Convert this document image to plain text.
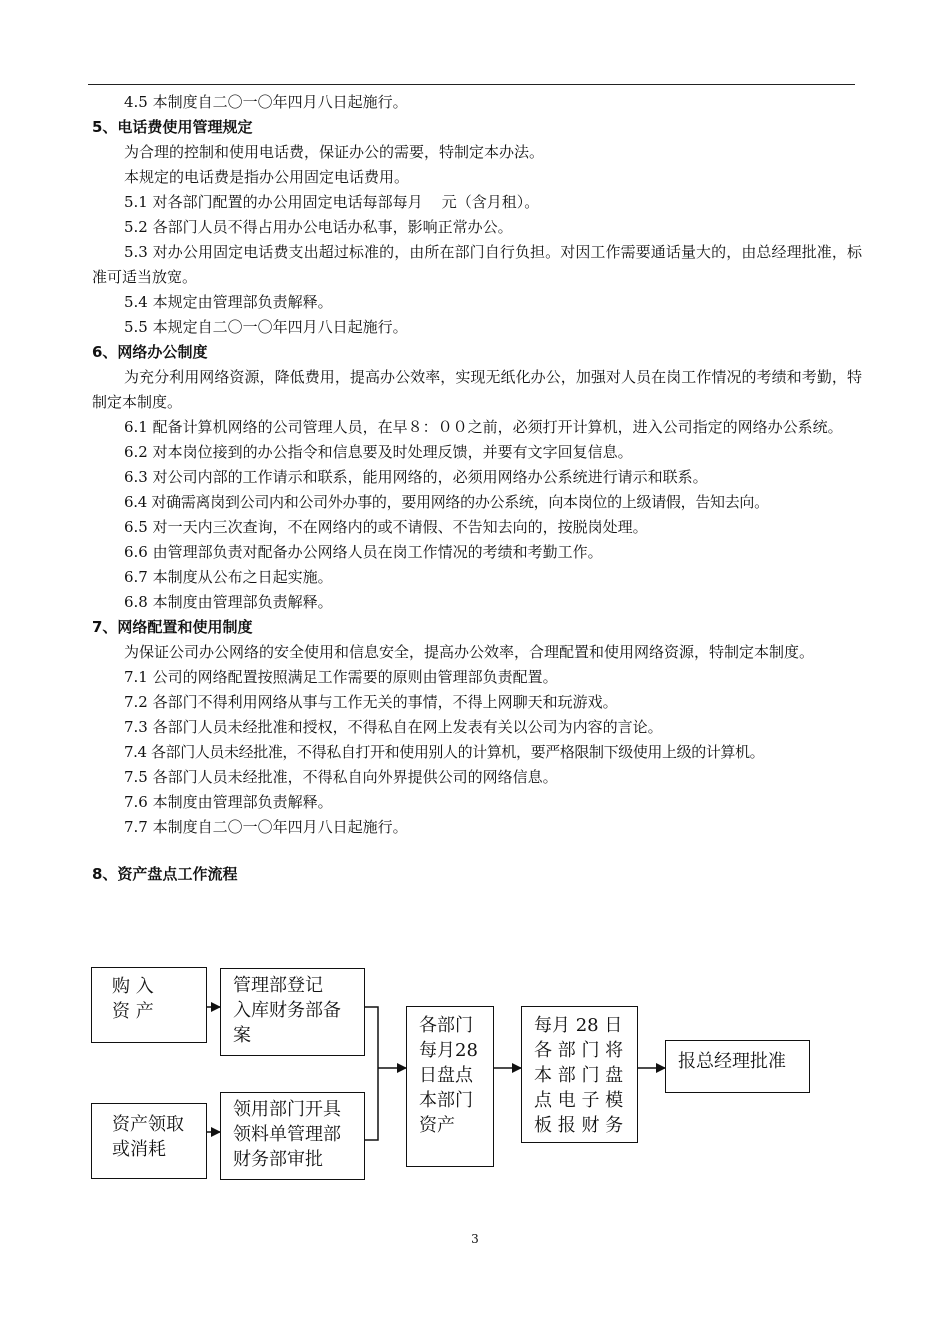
4.5 本制度自二〇一〇年四月八日起施行。
5、电话费使用管理规定
为合理的控制和使用电话费，保证办公的需要，特制定本办法。
本规定的电话费是指办公用固定电话费用。
5.1 对各部门配置的办公用固定电话每部每月    元（含月租）。
5.2 各部门人员不得占用办公电话办私事，影响正常办公。
5.3 对办公用固定电话费支出超过标准的，由所在部门自行负担。对因工作需要通话量大的，由总经理批准，标准可适当放宽。
5.4 本规定由管理部负责解释。
5.5 本规定自二〇一〇年四月八日起施行。
6、网络办公制度
为充分利用网络资源，降低费用，提高办公效率，实现无纸化办公，加强对人员在岗工作情况的考绩和考勤，特制定本制度。
6.1 配备计算机网络的公司管理人员，在早８：００之前，必须打开计算机，进入公司指定的网络办公系统。
6.2 对本岗位接到的办公指令和信息要及时处理反馈，并要有文字回复信息。
6.3 对公司内部的工作请示和联系，能用网络的，必须用网络办公系统进行请示和联系。
6.4 对确需离岗到公司内和公司外办事的，要用网络的办公系统，向本岗位的上级请假，告知去向。
6.5 对一天内三次查询，不在网络内的或不请假、不告知去向的，按脱岗处理。
6.6 由管理部负责对配备办公网络人员在岗工作情况的考绩和考勤工作。
6.7 本制度从公布之日起实施。
6.8 本制度由管理部负责解释。
7、网络配置和使用制度
为保证公司办公网络的安全使用和信息安全，提高办公效率，合理配置和使用网络资源，特制定本制度。
7.1 公司的网络配置按照满足工作需要的原则由管理部负责配置。
7.2 各部门不得利用网络从事与工作无关的事情，不得上网聊天和玩游戏。
7.3 各部门人员未经批准和授权，不得私自在网上发表有关以公司为内容的言论。
7.4 各部门人员未经批准，不得私自打开和使用别人的计算机，要严格限制下级使用上级的计算机。
7.5 各部门人员未经批准，不得私自向外界提供公司的网络信息。
7.6 本制度由管理部负责解释。
7.7 本制度自二〇一〇年四月八日起施行。
8、资产盘点工作流程
购 入
资 产
管理部登记
入库财务部备
案
资产领取
或消耗
领用部门开具
领料单管理部
财务部审批
各部门
每月28
日盘点
本部门
资产
每月 28 日
各 部 门 将
本 部 门 盘
点 电 子 模
板 报 财 务
报总经理批准
3
